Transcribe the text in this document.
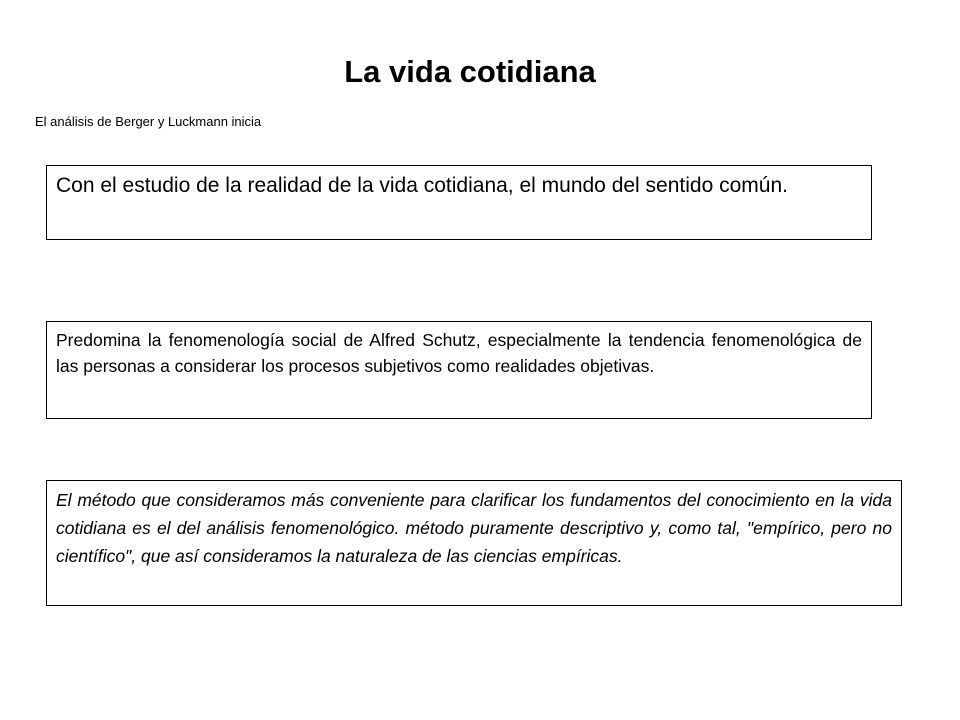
La vida cotidiana
El análisis de Berger y Luckmann inicia
Con el estudio de la realidad de la vida cotidiana, el mundo del sentido común.
Predomina la fenomenología social de Alfred Schutz, especialmente la tendencia fenomenológica de las personas a considerar los procesos subjetivos como realidades objetivas.
El método que consideramos más conveniente para clarificar los fundamentos del conocimiento en la vida cotidiana es el del análisis fenomenológico. método puramente descriptivo y, como tal, "empírico, pero no científico", que así consideramos la naturaleza de las ciencias empíricas.
